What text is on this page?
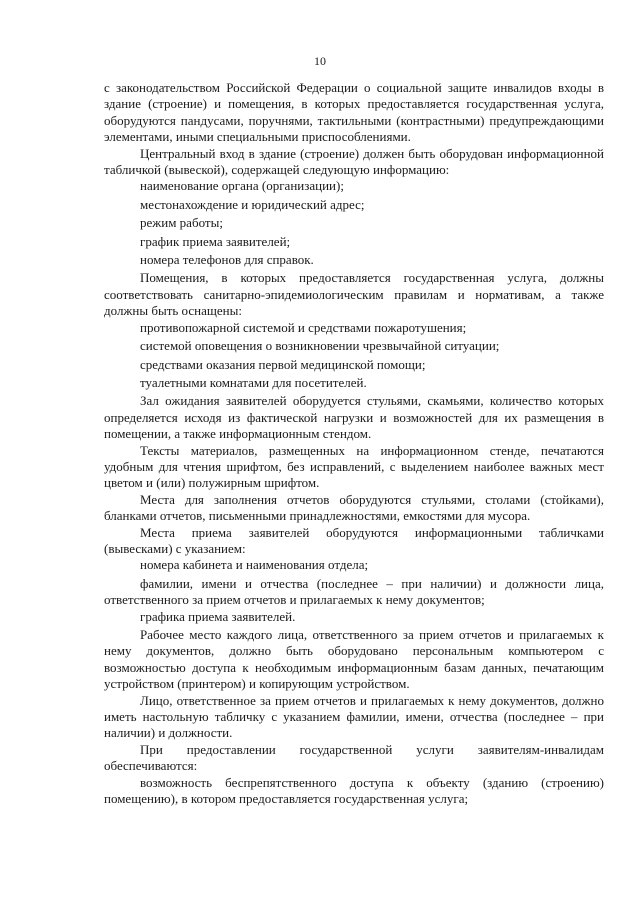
10

с законодательством Российской Федерации о социальной защите инвалидов входы в здание (строение) и помещения, в которых предоставляется государственная услуга, оборудуются пандусами, поручнями, тактильными (контрастными) предупреждающими элементами, иными специальными приспособлениями.

Центральный вход в здание (строение) должен быть оборудован информационной табличкой (вывеской), содержащей следующую информацию:

наименование органа (организации);

местонахождение и юридический адрес;

режим работы;

график приема заявителей;

номера телефонов для справок.

Помещения, в которых предоставляется государственная услуга, должны соответствовать санитарно-эпидемиологическим правилам и нормативам, а также должны быть оснащены:

противопожарной системой и средствами пожаротушения;

системой оповещения о возникновении чрезвычайной ситуации;

средствами оказания первой медицинской помощи;

туалетными комнатами для посетителей.

Зал ожидания заявителей оборудуется стульями, скамьями, количество которых определяется исходя из фактической нагрузки и возможностей для их размещения в помещении, а также информационным стендом.

Тексты материалов, размещенных на информационном стенде, печатаются удобным для чтения шрифтом, без исправлений, с выделением наиболее важных мест цветом и (или) полужирным шрифтом.

Места для заполнения отчетов оборудуются стульями, столами (стойками), бланками отчетов, письменными принадлежностями, емкостями для мусора.

Места приема заявителей оборудуются информационными табличками (вывесками) с указанием:

номера кабинета и наименования отдела;

фамилии, имени и отчества (последнее – при наличии) и должности лица, ответственного за прием отчетов и прилагаемых к нему документов;

графика приема заявителей.

Рабочее место каждого лица, ответственного за прием отчетов и прилагаемых к нему документов, должно быть оборудовано персональным компьютером с возможностью доступа к необходимым информационным базам данных, печатающим устройством (принтером) и копирующим устройством.

Лицо, ответственное за прием отчетов и прилагаемых к нему документов, должно иметь настольную табличку с указанием фамилии, имени, отчества (последнее – при наличии) и должности.

При предоставлении государственной услуги заявителям-инвалидам обеспечиваются:

возможность беспрепятственного доступа к объекту (зданию (строению) помещению), в котором предоставляется государственная услуга;
